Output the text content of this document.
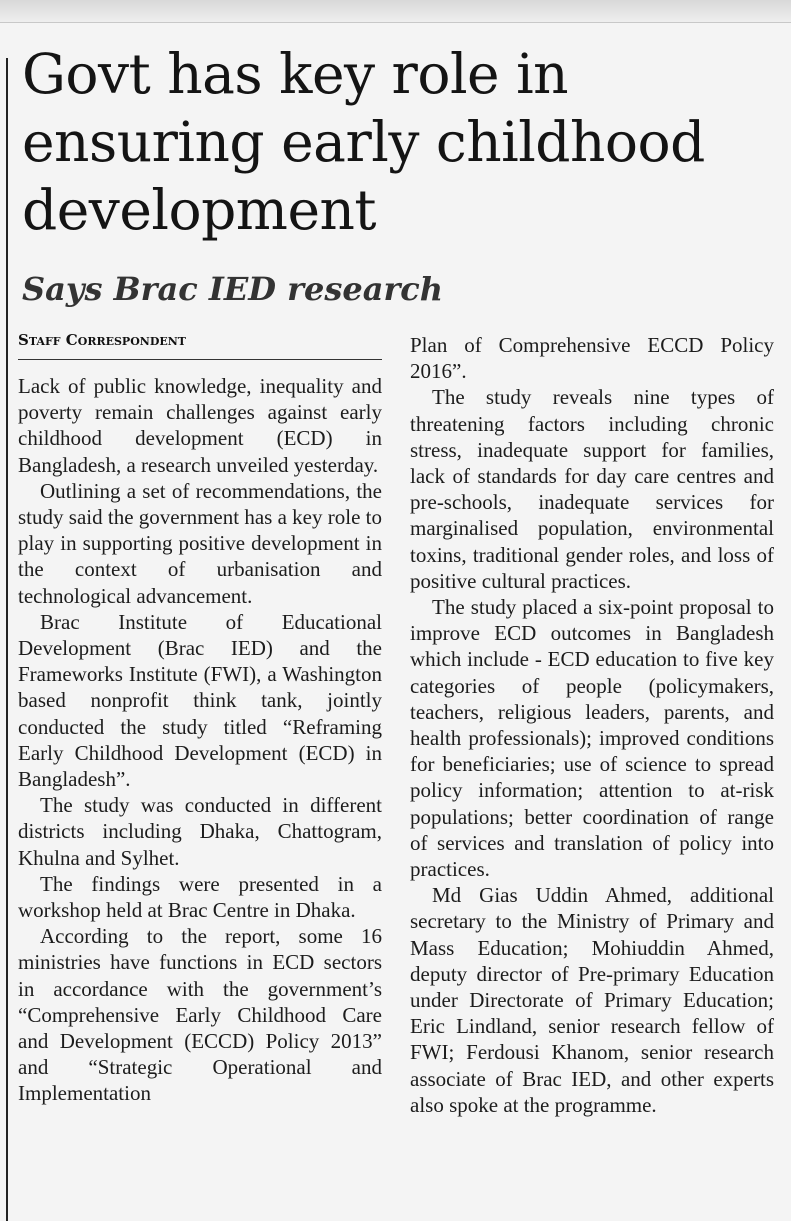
Govt has key role in ensuring early childhood development
Says Brac IED research
Staff Correspondent

Lack of public knowledge, inequality and poverty remain challenges against early childhood development (ECD) in Bangladesh, a research unveiled yesterday.

Outlining a set of recommendations, the study said the government has a key role to play in supporting positive development in the context of urbanisation and technological advancement.

Brac Institute of Educational Development (Brac IED) and the Frameworks Institute (FWI), a Washington based nonprofit think tank, jointly conducted the study titled “Reframing Early Childhood Development (ECD) in Bangladesh”.

The study was conducted in different districts including Dhaka, Chattogram, Khulna and Sylhet.

The findings were presented in a workshop held at Brac Centre in Dhaka.

According to the report, some 16 ministries have functions in ECD sectors in accordance with the government’s “Comprehensive Early Childhood Care and Development (ECCD) Policy 2013” and “Strategic Operational and Implementation

Plan of Comprehensive ECCD Policy 2016”.

The study reveals nine types of threatening factors including chronic stress, inadequate support for families, lack of standards for day care centres and pre-schools, inadequate services for marginalised population, environmental toxins, traditional gender roles, and loss of positive cultural practices.

The study placed a six-point proposal to improve ECD outcomes in Bangladesh which include - ECD education to five key categories of people (policymakers, teachers, religious leaders, parents, and health professionals); improved conditions for beneficiaries; use of science to spread policy information; attention to at-risk populations; better coordination of range of services and translation of policy into practices.

Md Gias Uddin Ahmed, additional secretary to the Ministry of Primary and Mass Education; Mohiuddin Ahmed, deputy director of Pre-primary Education under Directorate of Primary Education; Eric Lindland, senior research fellow of FWI; Ferdousi Khanom, senior research associate of Brac IED, and other experts also spoke at the programme.
